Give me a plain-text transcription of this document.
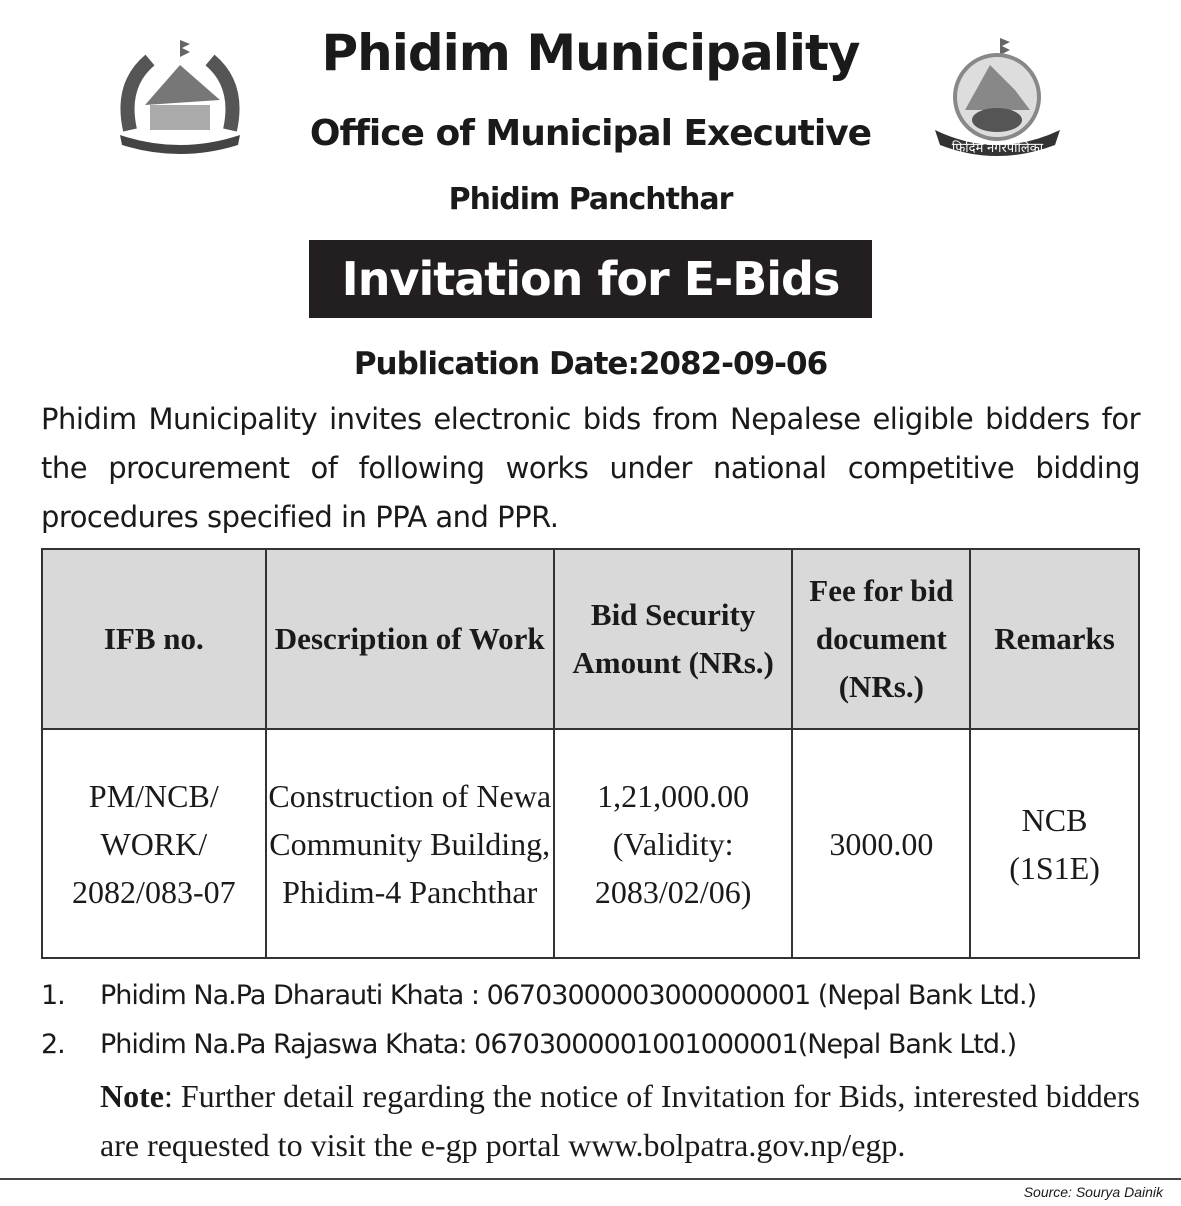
फिदिम नगरपालिका
Phidim Municipality
Office of Municipal Executive
Phidim Panchthar
Invitation for E-Bids
Publication Date:2082-09-06
Phidim Municipality invites electronic bids from Nepalese eligible bidders for the procurement of following works under national competitive bidding procedures specified in PPA and PPR.
IFB no.	Description of Work	Bid Security Amount (NRs.)	Fee for bid document (NRs.)	Remarks
PM/NCB/ WORK/ 2082/083-07	Construction of Newa Community Building, Phidim-4 Panchthar	1,21,000.00 (Validity: 2083/02/06)	3000.00	NCB (1S1E)
1. Phidim Na.Pa Dharauti Khata : 06703000003000000001 (Nepal Bank Ltd.)
2. Phidim Na.Pa Rajaswa Khata: 06703000001001000001(Nepal Bank Ltd.)
Note: Further detail regarding the notice of Invitation for Bids, interested bidders are requested to visit the e-gp portal www.bolpatra.gov.np/egp.
Source: Sourya Dainik
